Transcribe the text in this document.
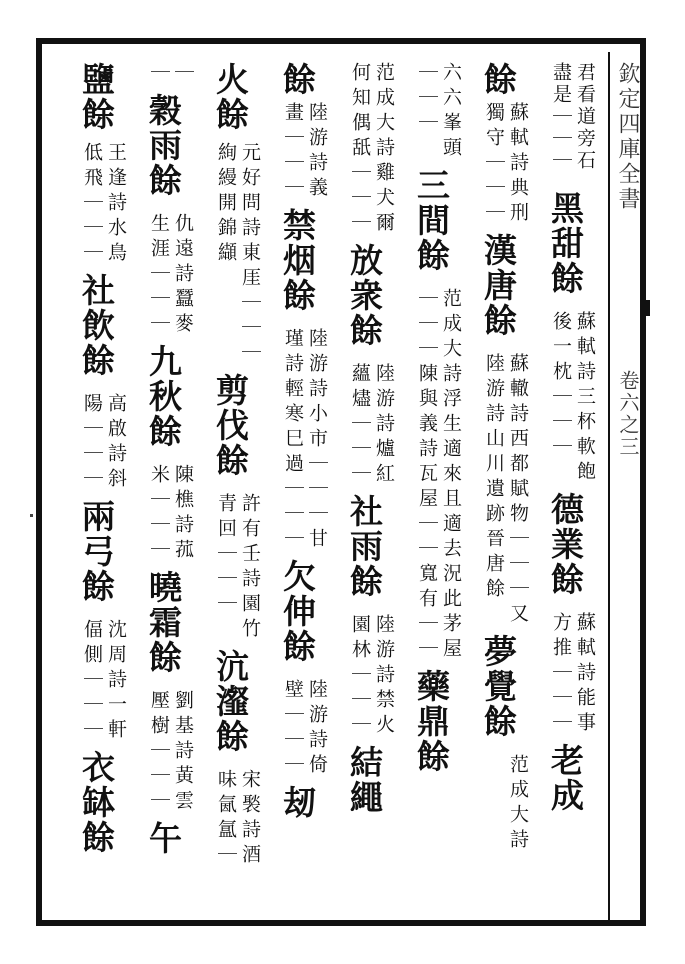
欽定四庫全書
卷六之三
君看道旁石
盡是｜｜｜
黑甜餘
蘇軾詩三杯軟飽
後一枕｜｜｜
德業餘
蘇軾詩能事
方推｜｜｜
老成
餘
蘇軾詩典刑
獨守｜｜｜
漢唐餘
蘇轍詩西都賦物｜｜｜又
陸游詩山川遺跡晉唐餘
夢覺餘
范成大詩
六六峯頭
｜｜｜
三間餘
范成大詩浮生適來且適去況此茅屋
｜｜｜陳與義詩瓦屋｜｜寬有｜｜
藥鼎餘
范成大詩雞犬爾
何知偶舐｜｜｜
放衆餘
陸游詩爐紅
蘊燼｜｜｜
社雨餘
陸游詩禁火
園林｜｜｜
結繩
餘
陸游詩義
畫｜｜｜
禁烟餘
陸游詩小市｜｜｜甘
瑾詩輕寒巳過｜｜｜
欠伸餘
陸游詩倚
壁｜｜｜
刼
火餘
元好問詩東厓｜｜｜
絢縵開錦纈
剪伐餘
許有壬詩園竹
青回｜｜｜
沆瀣餘
宋褧詩酒
味氤氲｜
｜
｜
穀雨餘
仇遠詩蠶麥
生涯｜｜｜
九秋餘
陳樵詩菰
米｜｜｜
曉霜餘
劉基詩黃雲
壓樹｜｜｜
午
鹽餘
王逢詩水鳥
低飛｜｜｜
社飲餘
高啟詩斜
陽｜｜｜
兩弓餘
沈周詩一軒
偪側｜｜｜
衣缽餘
